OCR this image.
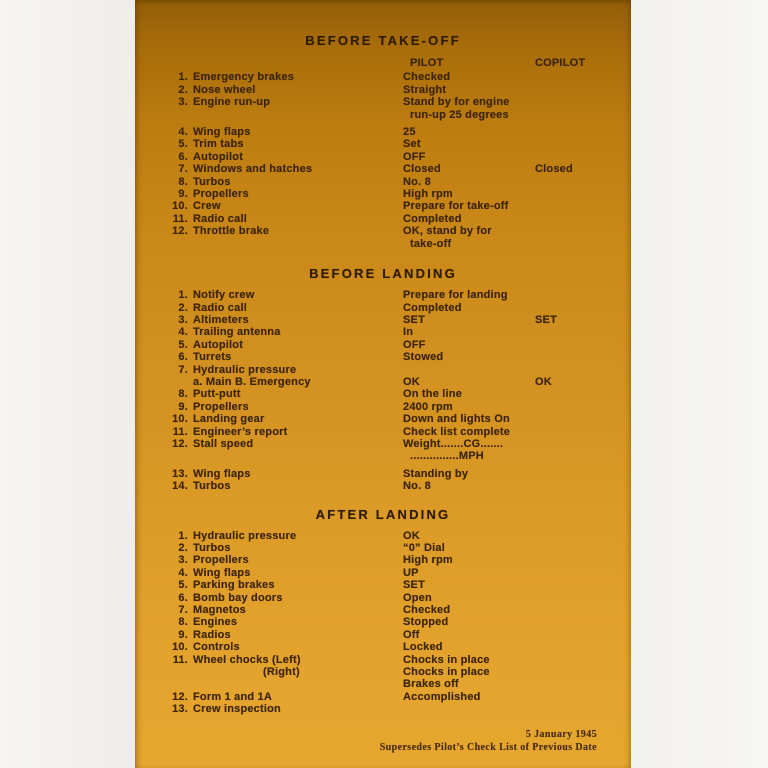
BEFORE TAKE-OFF
PILOT	COPILOT
1. Emergency brakes	Checked
2. Nose wheel	Straight
3. Engine run-up	Stand by for engine
run-up 25 degrees
4. Wing flaps	25
5. Trim tabs	Set
6. Autopilot	OFF
7. Windows and hatches	Closed	Closed
8. Turbos	No. 8
9. Propellers	High rpm
10. Crew	Prepare for take-off
11. Radio call	Completed
12. Throttle brake	OK, stand by for
take-off
BEFORE LANDING
1. Notify crew	Prepare for landing
2. Radio call	Completed
3. Altimeters	SET	SET
4. Trailing antenna	In
5. Autopilot	OFF
6. Turrets	Stowed
7. Hydraulic pressure
a. Main B. Emergency	OK	OK
8. Putt-putt	On the line
9. Propellers	2400 rpm
10. Landing gear	Down and lights On
11. Engineer’s report	Check list complete
12. Stall speed	Weight.......CG.......
...............MPH
13. Wing flaps	Standing by
14. Turbos	No. 8
AFTER LANDING
1. Hydraulic pressure	OK
2. Turbos	“0” Dial
3. Propellers	High rpm
4. Wing flaps	UP
5. Parking brakes	SET
6. Bomb bay doors	Open
7. Magnetos	Checked
8. Engines	Stopped
9. Radios	Off
10. Controls	Locked
11. Wheel chocks (Left)	Chocks in place
(Right)	Chocks in place
Brakes off
12. Form 1 and 1A	Accomplished
13. Crew inspection
5 January 1945
Supersedes Pilot’s Check List of Previous Date
